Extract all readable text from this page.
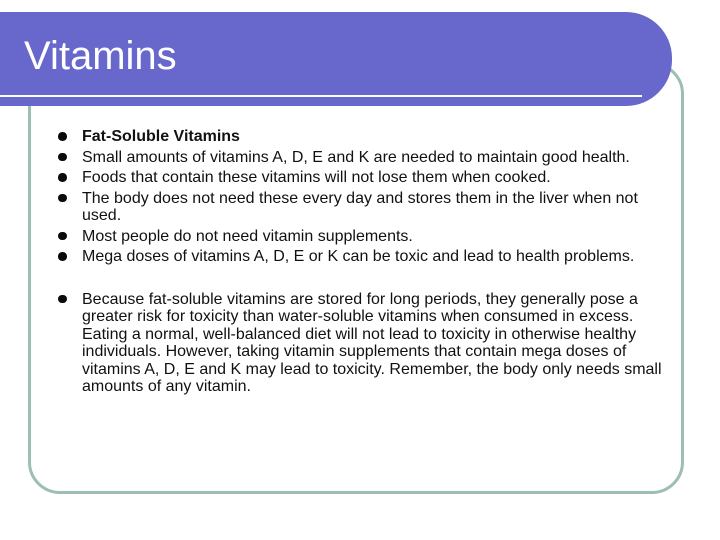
Vitamins
Fat-Soluble Vitamins
Small amounts of vitamins A, D, E and K are needed to maintain good health.
Foods that contain these vitamins will not lose them when cooked.
The body does not need these every day and stores them in the liver when not used.
Most people do not need vitamin supplements.
Mega doses of vitamins A, D, E or K can be toxic and lead to health problems.
Because fat-soluble vitamins are stored for long periods, they generally pose a greater risk for toxicity than water-soluble vitamins when consumed in excess. Eating a normal, well-balanced diet will not lead to toxicity in otherwise healthy individuals. However, taking vitamin supplements that contain mega doses of vitamins A, D, E and K may lead to toxicity. Remember, the body only needs small amounts of any vitamin.
